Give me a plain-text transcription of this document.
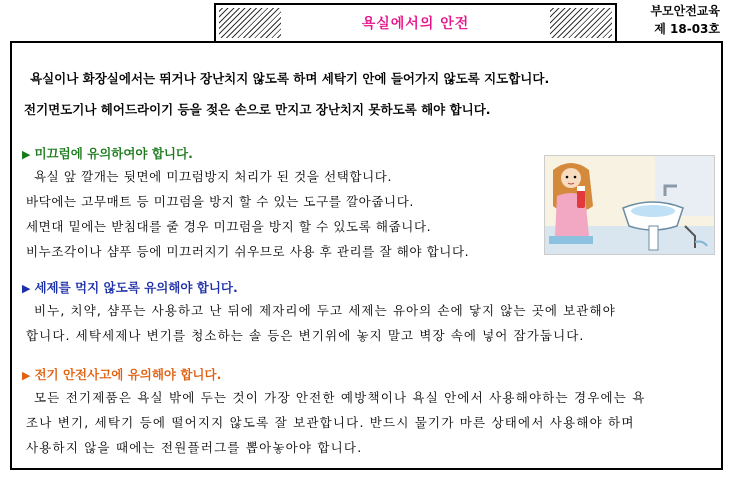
욕실에서의 안전
부모안전교육
제 18-03호
욕실이나 화장실에서는 뛰거나 장난치지 않도록 하며 세탁기 안에 들어가지 않도록 지도합니다.
전기면도기나 헤어드라이기 등을 젖은 손으로 만지고 장난치지 못하도록 해야 합니다.
▶ 미끄럼에 유의하여야 합니다.
욕실 앞 깔개는 뒷면에 미끄럼방지 처리가 된 것을 선택합니다.
바닥에는 고무매트 등 미끄럼을 방지 할 수 있는 도구를 깔아줍니다.
세면대 밑에는 받침대를 줄 경우 미끄럼을 방지 할 수 있도록 해줍니다.
비누조각이나 샴푸 등에 미끄러지기 쉬우므로 사용 후 관리를 잘 해야 합니다.
▶ 세제를 먹지 않도록 유의해야 합니다.
비누, 치약, 샴푸는 사용하고 난 뒤에 제자리에 두고 세제는 유아의 손에 닿지 않는 곳에 보관해야
합니다. 세탁세제나 변기를 청소하는 솔 등은 변기위에 놓지 말고 벽장 속에 넣어 잠가둡니다.
▶ 전기 안전사고에 유의해야 합니다.
모든 전기제품은 욕실 밖에 두는 것이 가장 안전한 예방책이나 욕실 안에서 사용해야하는 경우에는 욕
조나 변기, 세탁기 등에 떨어지지 않도록 잘 보관합니다. 반드시 물기가 마른 상태에서 사용해야 하며
사용하지 않을 때에는 전원플러그를 뽑아놓아야 합니다.
